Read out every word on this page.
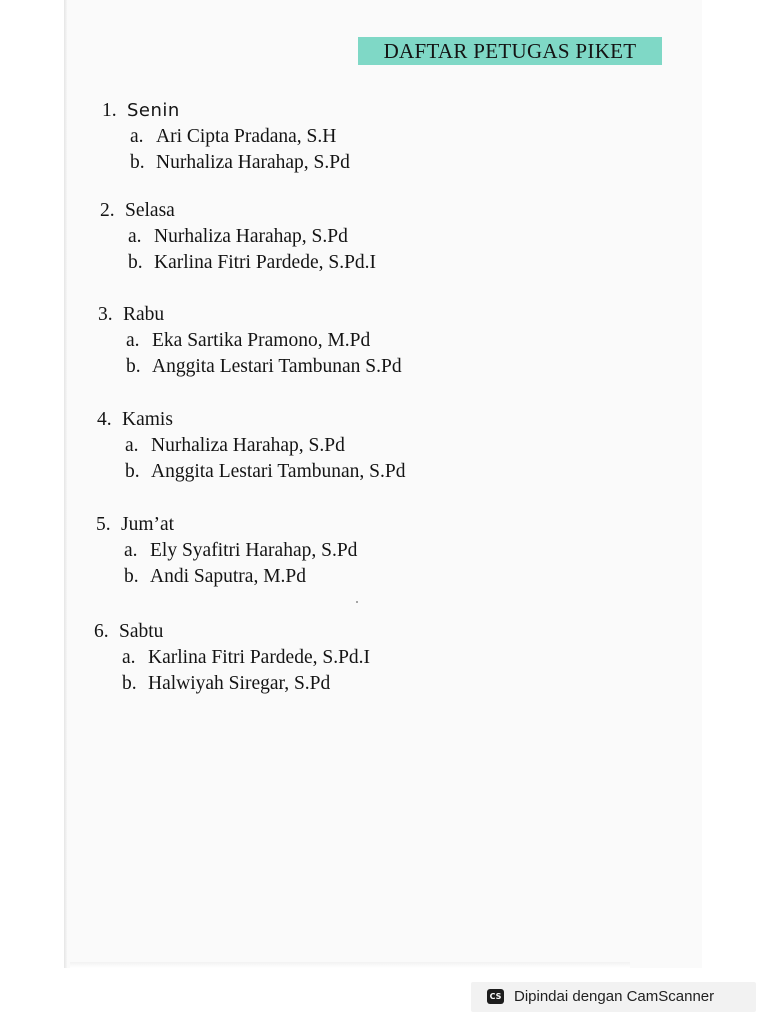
DAFTAR PETUGAS PIKET
1. Senin
a. Ari Cipta Pradana, S.H
b. Nurhaliza Harahap, S.Pd
2. Selasa
a. Nurhaliza Harahap, S.Pd
b. Karlina Fitri Pardede, S.Pd.I
3. Rabu
a. Eka Sartika Pramono, M.Pd
b. Anggita Lestari Tambunan S.Pd
4. Kamis
a. Nurhaliza Harahap, S.Pd
b. Anggita Lestari Tambunan, S.Pd
5. Jum’at
a. Ely Syafitri Harahap, S.Pd
b. Andi Saputra, M.Pd
6. Sabtu
a. Karlina Fitri Pardede, S.Pd.I
b. Halwiyah Siregar, S.Pd
CS Dipindai dengan CamScanner
